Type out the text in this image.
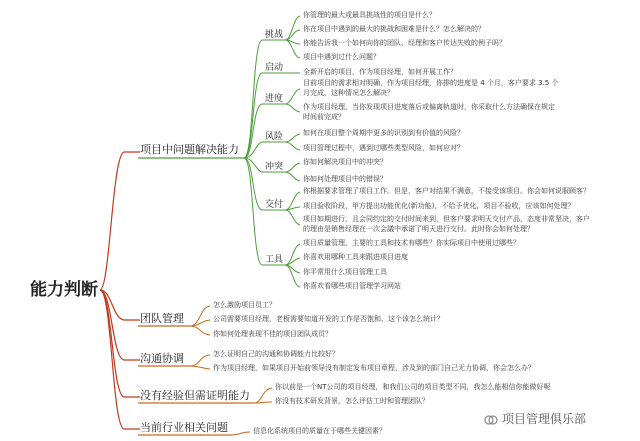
能力判断
项目中问题解决能力
挑战
你管理的最大或最具挑战性的项目是什么？
你在项目中遇到的最大的挑战和困难是什么？怎么解决的？
你能告诉我一个如何向你的团队、经理和客户传达失败的例子吗？
项目中遇到过什么问题？
启动	全新开启的项目，作为项目经理，如何开展工作？
进度
目前项目的需求相对明确，作为项目经理，你排的进度是 4 个月，客户要求 3.5 个
月完成，这种情况怎么解决？
作为项目经理，当你发现项目进度落后或偏离轨道时，你采取什么方法确保在规定
时间前完成？
风险	如何在项目整个周期中更多的识别到有价值的风险？
项目管理过程中，遇到过哪些类型风险，如何应对？
冲突	你如何解决项目中的冲突？
你如何处理项目中的错误？
交付
你根据要求管理了项目工作。但是，客户对结果不满意，不接受该项目。你会如何说服顾客？
项目验收阶段，甲方提出功能优化(新功能)，不给予优化，项目不验收，应该如何处理？
项目如期进行，且会同约定的交付时间来到，但客户要求明天交付产品，态度非常坚决，客户
的理由是销售经理在一次会議中承诺了明天进行交付。此时你会如何处理？
工具
项目质量管理，主要的工具和技术有哪些？你实际项目中使用过哪些？
你喜欢用哪种工具来跟进项目进度
你平常用什么项目管理工具
你喜欢看哪些项目管理学习网站
团队管理
怎么激励项目员工？
公司需要项目经理，老板需要知道开发的工作是否饱和、这个该怎么统计？
你如何处理表现不佳的项目团队成员？
沟通协调	怎么证明自己的沟通和协调能力比较好？
作为项目经理，如果项目开始前领导没有制定发布项目章程，涉及到的部门自己无力协调，你会怎么办？
没有经验但需证明能力
你以前是一个NT公司的项目经理，和我们公司的项目类型不同，我怎么能相信你能做好呢
你没有技术研发背景，怎么评估工时和管理团队？
当前行业相关问题	信息化系统项目的质量在于哪些关键因素？
项目管理俱乐部
